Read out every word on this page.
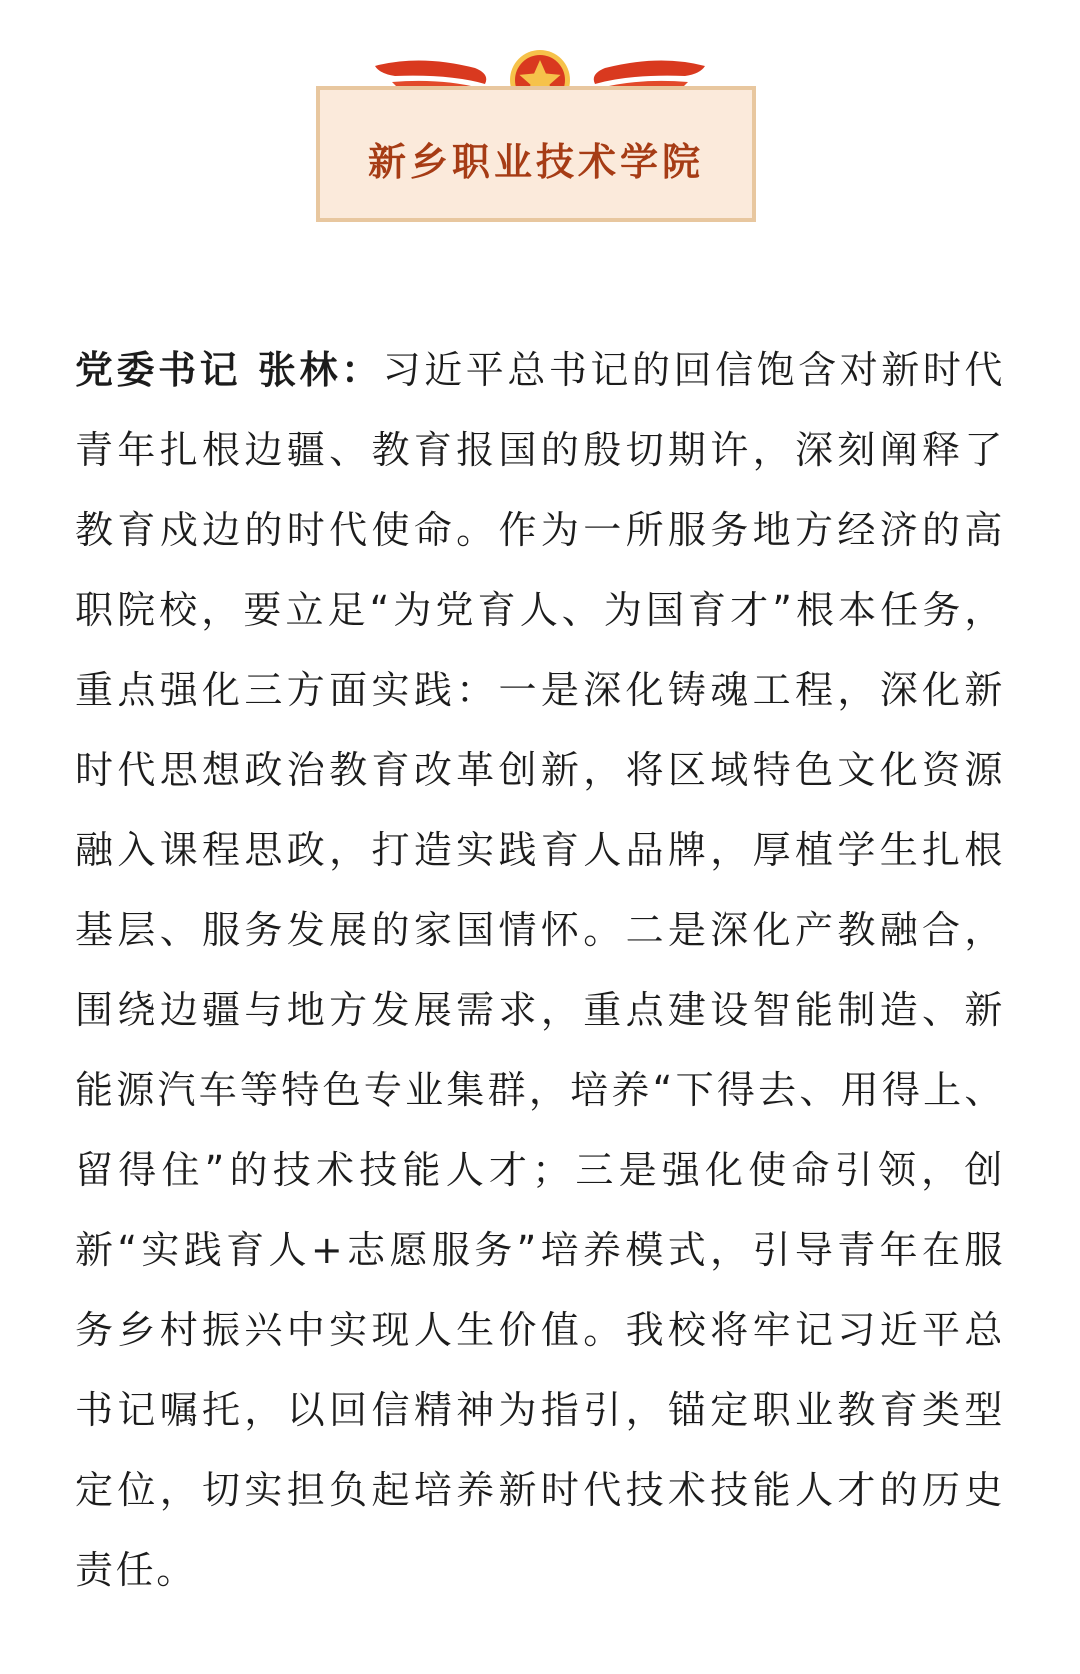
新乡职业技术学院

党委书记 张林：习近平总书记的回信饱含对新时代青年扎根边疆、教育报国的殷切期许，深刻阐释了教育戍边的时代使命。作为一所服务地方经济的高职院校，要立足“为党育人、为国育才”根本任务，重点强化三方面实践：一是深化铸魂工程，深化新时代思想政治教育改革创新，将区域特色文化资源融入课程思政，打造实践育人品牌，厚植学生扎根基层、服务发展的家国情怀。二是深化产教融合，围绕边疆与地方发展需求，重点建设智能制造、新能源汽车等特色专业集群，培养“下得去、用得上、留得住”的技术技能人才；三是强化使命引领，创新“实践育人+志愿服务”培养模式，引导青年在服务乡村振兴中实现人生价值。我校将牢记习近平总书记嘱托，以回信精神为指引，锚定职业教育类型定位，切实担负起培养新时代技术技能人才的历史责任。
